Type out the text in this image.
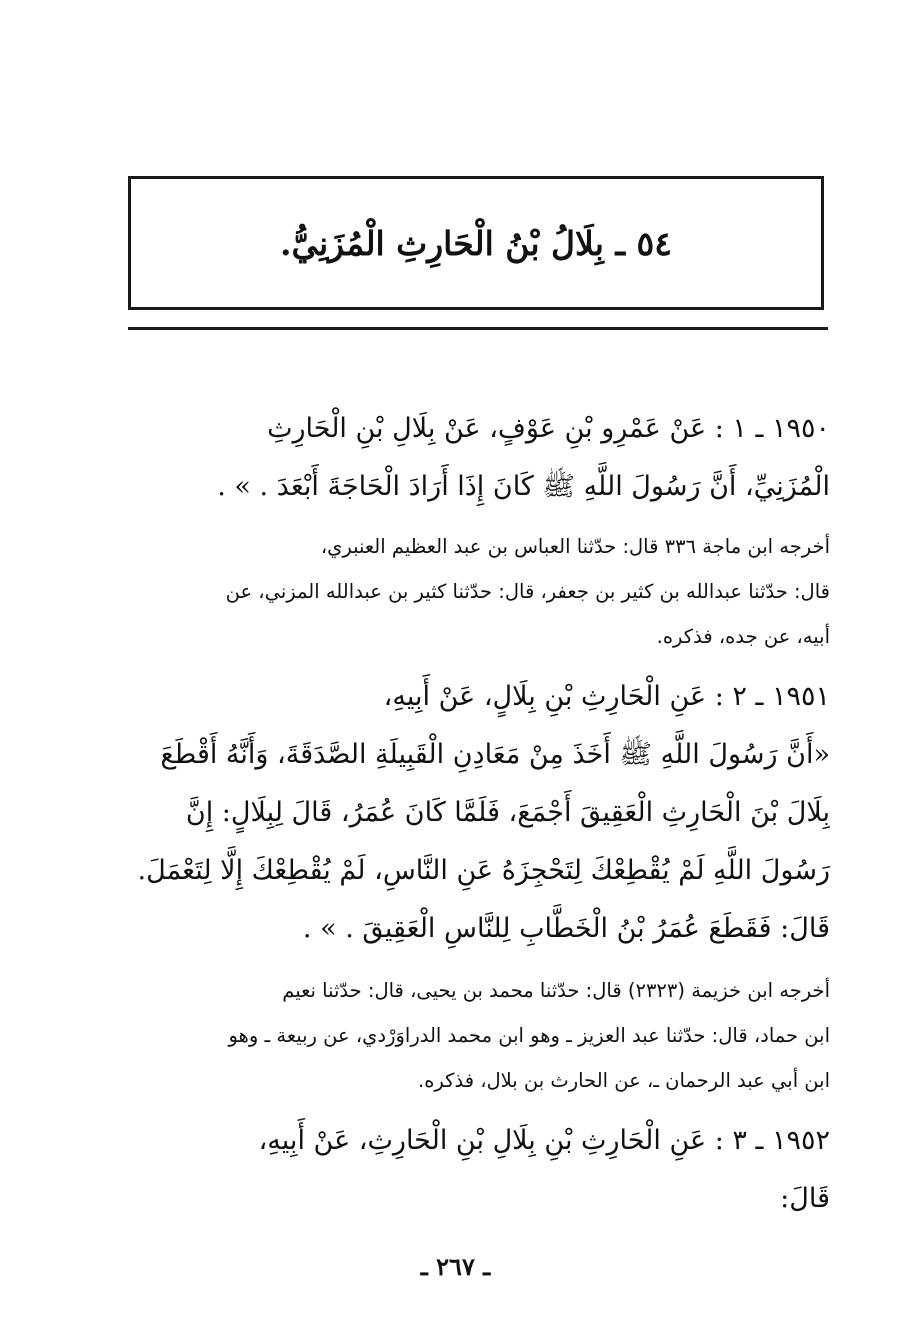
٥٤ ـ بِلَالُ بْنُ الْحَارِثِ الْمُزَنِيُّ.
١٩٥٠ ـ ١ : عَنْ عَمْرِو بْنِ عَوْفٍ، عَنْ بِلَالِ بْنِ الْحَارِثِ
الْمُزَنِيِّ، أَنَّ رَسُولَ اللَّهِ ﷺ كَانَ إِذَا أَرَادَ الْحَاجَةَ أَبْعَدَ . » .
أخرجه ابن ماجة ٣٣٦ قال: حدّثنا العباس بن عبد العظيم العنبري،
قال: حدّثنا عبدالله بن كثير بن جعفر، قال: حدّثنا كثير بن عبدالله المزني، عن
أبيه، عن جده، فذكره.
١٩٥١ ـ ٢ : عَنِ الْحَارِثِ بْنِ بِلَالٍ، عَنْ أَبِيهِ،
«أَنَّ رَسُولَ اللَّهِ ﷺ أَخَذَ مِنْ مَعَادِنِ الْقَبِيلَةِ الصَّدَقَةَ، وَأَنَّهُ أَقْطَعَ
بِلَالَ بْنَ الْحَارِثِ الْعَقِيقَ أَجْمَعَ، فَلَمَّا كَانَ عُمَرُ، قَالَ لِبِلَالٍ: إِنَّ
رَسُولَ اللَّهِ لَمْ يُقْطِعْكَ لِتَحْجِزَهُ عَنِ النَّاسِ، لَمْ يُقْطِعْكَ إِلَّا لِتَعْمَلَ.
قَالَ: فَقَطَعَ عُمَرُ بْنُ الْخَطَّابِ لِلنَّاسِ الْعَقِيقَ . » .
أخرجه ابن خزيمة (٢٣٢٣) قال: حدّثنا محمد بن يحيى، قال: حدّثنا نعيم
ابن حماد، قال: حدّثنا عبد العزيز ـ وهو ابن محمد الدراوَرْدي، عن ربيعة ـ وهو
ابن أبي عبد الرحمان ـ، عن الحارث بن بلال، فذكره.
١٩٥٢ ـ ٣ : عَنِ الْحَارِثِ بْنِ بِلَالِ بْنِ الْحَارِثِ، عَنْ أَبِيهِ،
قَالَ:
ـ ٢٦٧ ـ
